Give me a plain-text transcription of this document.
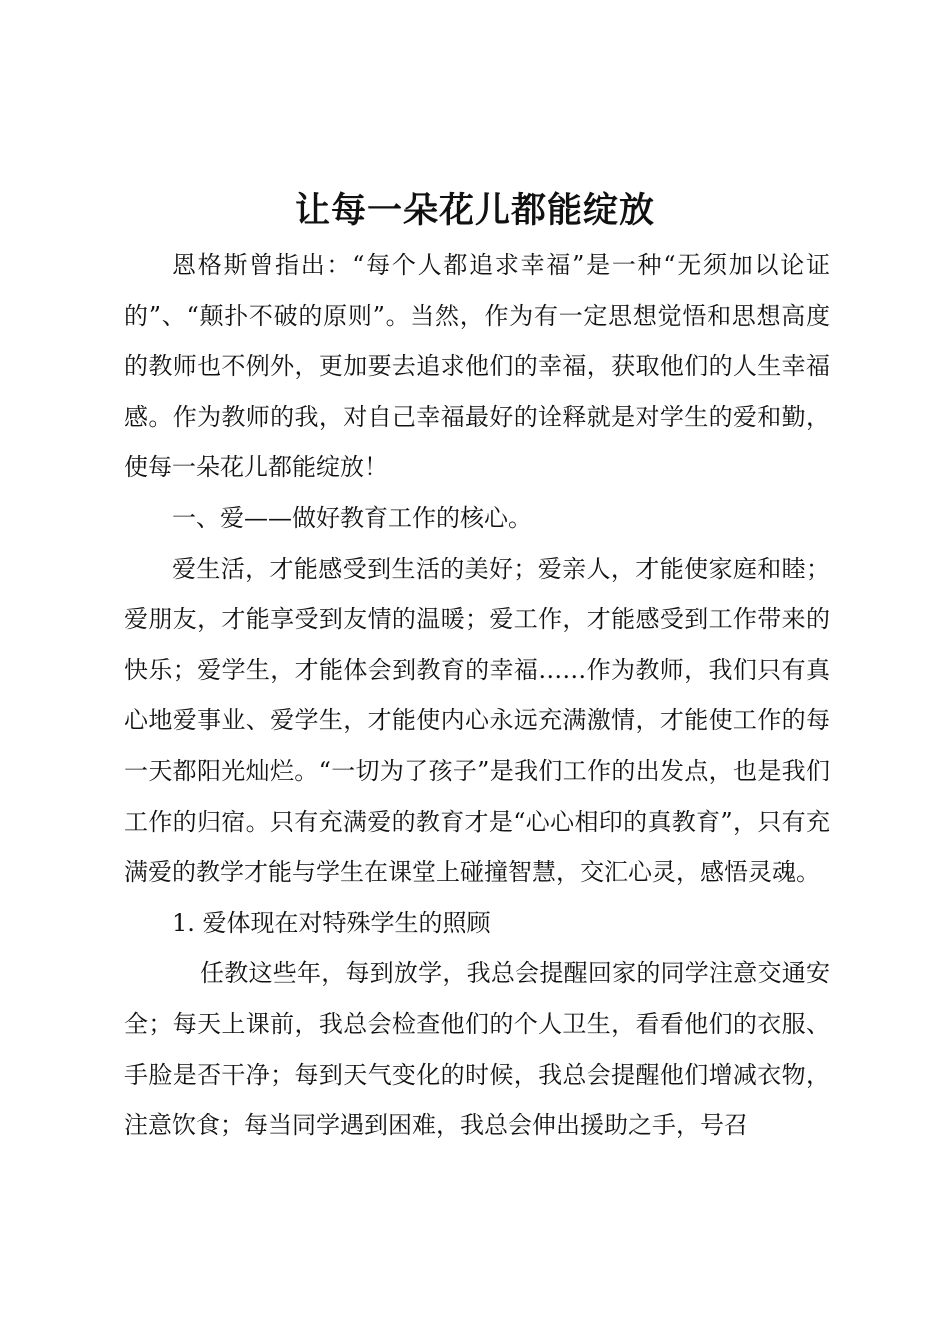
让每一朵花儿都能绽放

恩格斯曾指出：“每个人都追求幸福”是一种“无须加以论证的”、“颠扑不破的原则”。当然，作为有一定思想觉悟和思想高度的教师也不例外，更加要去追求他们的幸福，获取他们的人生幸福感。作为教师的我，对自己幸福最好的诠释就是对学生的爱和勤，使每一朵花儿都能绽放！

一、爱——做好教育工作的核心。

爱生活，才能感受到生活的美好；爱亲人，才能使家庭和睦；爱朋友，才能享受到友情的温暖；爱工作，才能感受到工作带来的快乐；爱学生，才能体会到教育的幸福……作为教师，我们只有真心地爱事业、爱学生，才能使内心永远充满激情，才能使工作的每一天都阳光灿烂。“一切为了孩子”是我们工作的出发点，也是我们工作的归宿。只有充满爱的教育才是“心心相印的真教育”，只有充满爱的教学才能与学生在课堂上碰撞智慧，交汇心灵，感悟灵魂。

1. 爱体现在对特殊学生的照顾

任教这些年，每到放学，我总会提醒回家的同学注意交通安全；每天上课前，我总会检查他们的个人卫生，看看他们的衣服、手脸是否干净；每到天气变化的时候，我总会提醒他们增减衣物，注意饮食；每当同学遇到困难，我总会伸出援助之手，号召
